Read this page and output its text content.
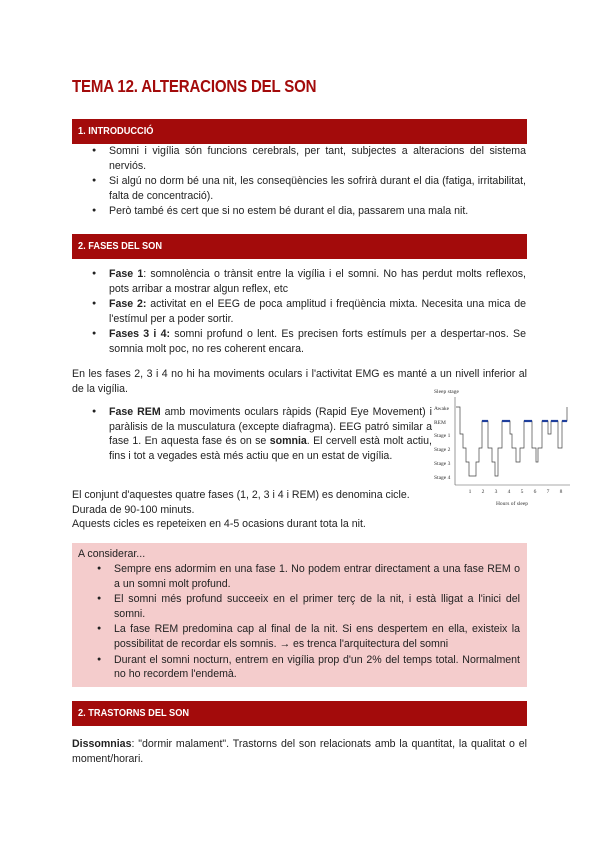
TEMA 12. ALTERACIONS DEL SON
1. INTRODUCCIÓ
● Somni i vigília són funcions cerebrals, per tant, subjectes a alteracions del sistema nerviós.
● Si algú no dorm bé una nit, les conseqüències les sofrirà durant el dia (fatiga, irritabilitat, falta de concentració).
● Però també és cert que si no estem bé durant el dia, passarem una mala nit.
2. FASES DEL SON
● Fase 1: somnolència o trànsit entre la vigília i el somni. No has perdut molts reflexos, pots arribar a mostrar algun reflex, etc
● Fase 2: activitat en el EEG de poca amplitud i freqüència mixta. Necesita una mica de l'estímul per a poder sortir.
● Fases 3 i 4: somni profund o lent. Es precisen forts estímuls per a despertar-nos. Se somnia molt poc, no res coherent encara.
En les fases 2, 3 i 4 no hi ha moviments oculars i l'activitat EMG es manté a un nivell inferior al de la vigília.
● Fase REM amb moviments oculars ràpids (Rapid Eye Movement) i paràlisis de la musculatura (excepte diafragma). EEG patró similar a fase 1. En aquesta fase és on se somnia. El cervell està molt actiu, fins i tot a vegades està més actiu que en un estat de vigília.
El conjunt d'aquestes quatre fases (1, 2, 3 i 4 i REM) es denomina cicle.
Durada de 90-100 minuts.
Aquests cicles es repeteixen en 4-5 ocasions durant tota la nit.
Sleep stage
Awake
REM
Stage 1
Stage 2
Stage 3
Stage 4
1 2 3 4 5 6 7 8
Hours of sleep
A considerar...
● Sempre ens adormim en una fase 1. No podem entrar directament a una fase REM o a un somni molt profund.
● El somni més profund succeeix en el primer terç de la nit, i està lligat a l'inici del somni.
● La fase REM predomina cap al final de la nit. Si ens despertem en ella, existeix la possibilitat de recordar els somnis. → es trenca l'arquitectura del somni
● Durant el somni nocturn, entrem en vigília prop d'un 2% del temps total. Normalment no ho recordem l'endemà.
2. TRASTORNS DEL SON
Dissomnias: "dormir malament". Trastorns del son relacionats amb la quantitat, la qualitat o el moment/horari.
